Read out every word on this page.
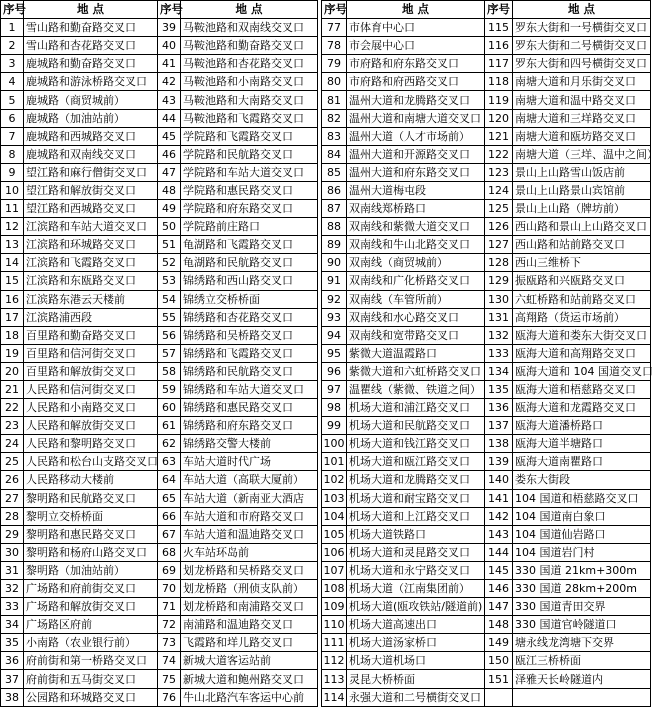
序号	地 点	序号	地 点
1	雪山路和勤奋路交叉口	39	马鞍池路和双南线交叉口
2	雪山路和杏花路交叉口	40	马鞍池路和勤奋路交叉口
3	鹿城路和勤奋路交叉口	41	马鞍池路和杏花路交叉口
4	鹿城路和游泳桥路交叉口	42	马鞍池路和小南路交叉口
5	鹿城路（商贸城前）	43	马鞍池路和大南路交叉口
6	鹿城路（加油站前）	44	马鞍池路和飞霞路交叉口
7	鹿城路和西城路交叉口	45	学院路和飞霞路交叉口
8	鹿城路和双南线交叉口	46	学院路和民航路交叉口
9	望江路和麻行僧街交叉口	47	学院路和车站大道交叉口
10	望江路和解放街交叉口	48	学院路和惠民路交叉口
11	望江路和西城路交叉口	49	学院路和府东路交叉口
12	江滨路和车站大道交叉口	50	学院路前庄路口
13	江滨路和环城路交叉口	51	龟湖路和飞霞路交叉口
14	江滨路和飞霞路交叉口	52	龟湖路和民航路交叉口
15	江滨路和东瓯路交叉口	53	锦绣路和西山路交叉口
16	江滨路东港云天楼前	54	锦绣立交桥桥面
17	江滨路浦西段	55	锦绣路和杏花路交叉口
18	百里路和勤奋路交叉口	56	锦绣路和吴桥路交叉口
19	百里路和信河街交叉口	57	锦绣路和飞霞路交叉口
20	百里路和解放街交叉口	58	锦绣路和民航路交叉口
21	人民路和信河街交叉口	59	锦绣路和车站大道交叉口
22	人民路和小南路交叉口	60	锦绣路和惠民路交叉口
23	人民路和解放街交叉口	61	锦绣路和府东路交叉口
24	人民路和黎明路交叉口	62	锦绣路交警大楼前
25	人民路和松台山支路交叉口	63	车站大道时代广场
26	人民路移动大楼前	64	车站大道（高联大厦前）
27	黎明路和民航路交叉口	65	车站大道（新南亚大酒店
28	黎明立交桥桥面	66	车站大道和市府路交叉口
29	黎明路和惠民路交叉口	67	车站大道和温迪路交叉口
30	黎明路和杨府山路交叉口	68	火车站环岛前
31	黎明路（加油站前）	69	划龙桥路和吴桥路交叉口
32	广场路和府前街交叉口	70	划龙桥路（刑侦支队前）
33	广场路和解放街交叉口	71	划龙桥路和南浦路交叉口
34	广场路区府前	72	南浦路和温迪路交叉口
35	小南路（农业银行前）	73	飞霞路和垟儿路交叉口
36	府前街和第一桥路交叉口	74	新城大道客运站前
37	府前街和五马街交叉口	75	新城大道和鲍州路交叉口
38	公园路和环城路交叉口	76	牛山北路汽车客运中心前
序号	地 点	序号	地 点
77	市体育中心口	115	罗东大街和一号横街交叉口
78	市会展中心口	116	罗东大街和二号横街交叉口
79	市府路和府东路交叉口	117	罗东大街和四号横街交叉口
80	市府路和府西路交叉口	118	南塘大道和月乐街交叉口
81	温州大道和龙腾路交叉口	119	南塘大道和温中路交叉口
82	温州大道和南塘大道交叉口	120	南塘大道和三垟路交叉口
83	温州大道（人才市场前）	121	南塘大道和瓯坊路交叉口
84	温州大道和开源路交叉口	122	南塘大道（三垟、温中之间）
85	温州大道和府东路交叉口	123	景山上山路雪山饭店前
86	温州大道梅屯段	124	景山上山路景山宾馆前
87	双南线郑桥路口	125	景山上山路（牌坊前）
88	双南线和紫微大道交叉口	126	西山路和景山上山路交叉口
89	双南线和牛山北路交叉口	127	西山路和站前路交叉口
90	双南线（商贸城前）	128	西山三维桥下
91	双南线和广化桥路交叉口	129	振瓯路和兴瓯路交叉口
92	双南线（车管所前）	130	六虹桥路和站前路交叉口
93	双南线和水心路交叉口	131	高翔路（货运市场前）
94	双南线和宽带路交叉口	132	瓯海大道和娄东大街交叉口
95	紫微大道温霞路口	133	瓯海大道和高翔路交叉口
96	紫微大道和六虹桥路交叉口	134	瓯海大道和 104 国道交叉口
97	温瞿线（紫微、铁道之间）	135	瓯海大道和梧慈路交叉口
98	机场大道和浦江路交叉口	136	瓯海大道和龙霞路交叉口
99	机场大道和民航路交叉口	137	瓯海大道潘桥路口
100	机场大道和钱江路交叉口	138	瓯海大道半塘路口
101	机场大道和瓯江路交叉口	139	瓯海大道南瞿路口
102	机场大道和龙腾路交叉口	140	娄东大街段
103	机场大道和耐宝路交叉口	141	104 国道和梧慈路交叉口
104	机场大道和上江路交叉口	142	104 国道南白象口
105	机场大道铁路口	143	104 国道仙岩路口
106	机场大道和灵昆路交叉口	144	104 国道岩门村
107	机场大道和永宁路交叉口	145	330 国道 21km+300m
108	机场大道（江南集团前）	146	330 国道 28km+200m
109	机场大道(瓯攻铁站/隧道前)	147	330 国道青田交界
110	机场大道高速出口	148	330 国道官岭隧道口
111	机场大道汤家桥口	149	塘永线龙湾塘下交界
112	机场大道机场口	150	瓯江三桥桥面
113	灵昆大桥桥面	151	泽雅天长岭隧道内
114	永强大道和二号横街交叉口		
